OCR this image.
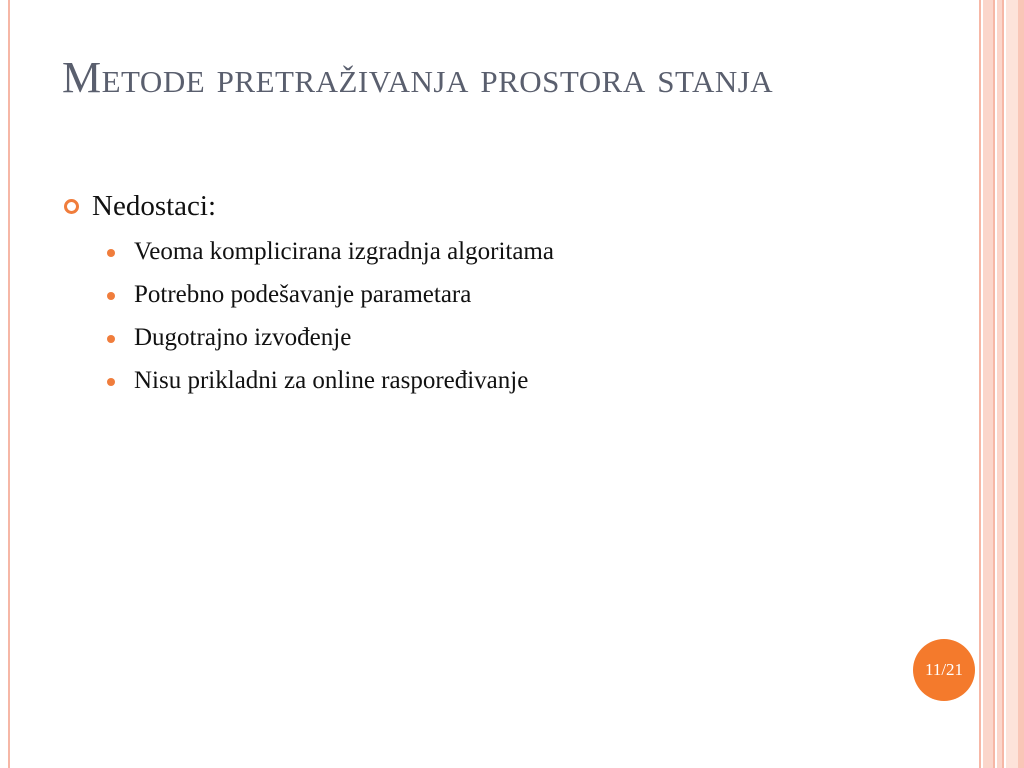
Metode pretraživanja prostora stanja
Nedostaci:
Veoma komplicirana izgradnja algoritama
Potrebno podešavanje parametara
Dugotrajno izvođenje
Nisu prikladni za online raspoređivanje
11/21
